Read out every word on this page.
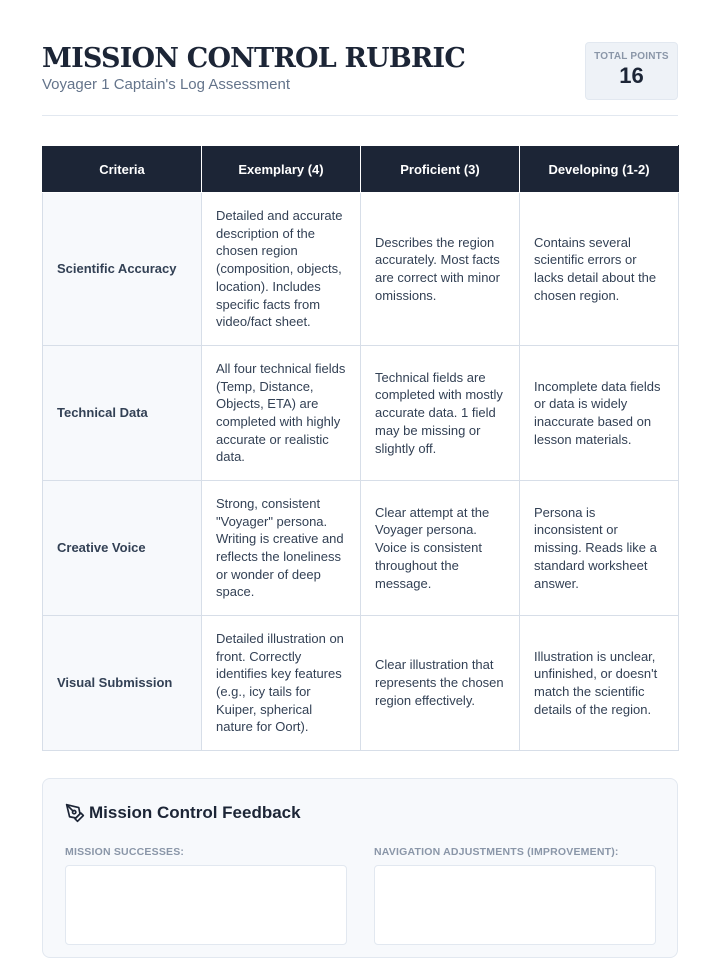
MISSION CONTROL RUBRIC
Voyager 1 Captain's Log Assessment
TOTAL POINTS
16
Criteria	Exemplary (4)	Proficient (3)	Developing (1-2)
Scientific Accuracy	Detailed and accurate description of the chosen region (composition, objects, location). Includes specific facts from video/fact sheet.	Describes the region accurately. Most facts are correct with minor omissions.	Contains several scientific errors or lacks detail about the chosen region.
Technical Data	All four technical fields (Temp, Distance, Objects, ETA) are completed with highly accurate or realistic data.	Technical fields are completed with mostly accurate data. 1 field may be missing or slightly off.	Incomplete data fields or data is widely inaccurate based on lesson materials.
Creative Voice	Strong, consistent "Voyager" persona. Writing is creative and reflects the loneliness or wonder of deep space.	Clear attempt at the Voyager persona. Voice is consistent throughout the message.	Persona is inconsistent or missing. Reads like a standard worksheet answer.
Visual Submission	Detailed illustration on front. Correctly identifies key features (e.g., icy tails for Kuiper, spherical nature for Oort).	Clear illustration that represents the chosen region effectively.	Illustration is unclear, unfinished, or doesn't match the scientific details of the region.
Mission Control Feedback
MISSION SUCCESSES:	NAVIGATION ADJUSTMENTS (IMPROVEMENT):
